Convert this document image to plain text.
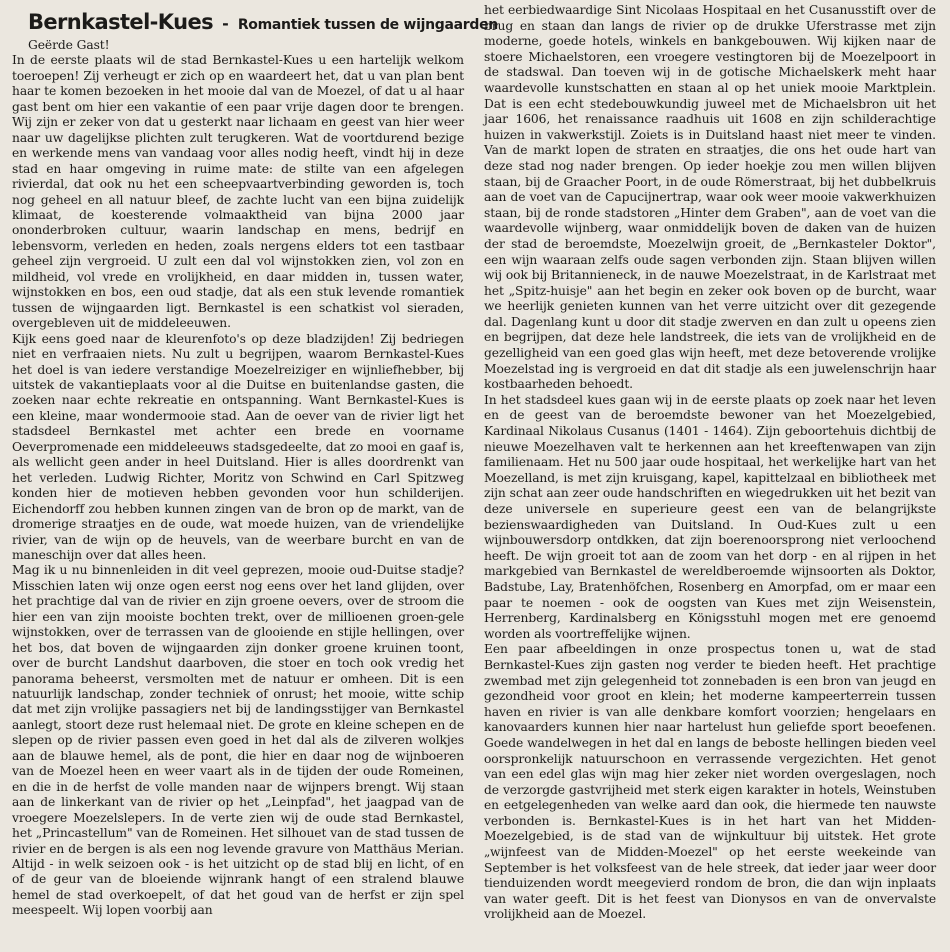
Bernkastel-Kues - Romantiek tussen de wijngaarden

Geërde Gast!

In de eerste plaats wil de stad Bernkastel-Kues u een hartelijk welkom toeroepen! Zij verheugt er zich op en waardeert het, dat u van plan bent haar te komen bezoeken in het mooie dal van de Moezel, of dat u al haar gast bent om hier een vakantie of een paar vrije dagen door te brengen. Wij zijn er zeker von dat u gesterkt naar lichaam en geest van hier weer naar uw dagelijkse plichten zult terugkeren. Wat de voortdurend bezige en werkende mens van vandaag voor alles nodig heeft, vindt hij in deze stad en haar omgeving in ruime mate: de stilte van een afgelegen rivierdal, dat ook nu het een scheepvaartverbinding geworden is, toch nog geheel en all natuur bleef, de zachte lucht van een bijna zuidelijk klimaat, de koesterende volmaaktheid van bijna 2000 jaar ononderbroken cultuur, waarin landschap en mens, bedrijf en lebensvorm, verleden en heden, zoals nergens elders tot een tastbaar geheel zijn vergroeid. U zult een dal vol wijnstokken zien, vol zon en mildheid, vol vrede en vrolijkheid, en daar midden in, tussen water, wijnstokken en bos, een oud stadje, dat als een stuk levende romantiek tussen de wijngaarden ligt. Bernkastel is een schatkist vol sieraden, overgebleven uit de middeleeuwen.

Kijk eens goed naar de kleurenfoto's op deze bladzijden! Zij bedriegen niet en verfraaien niets. Nu zult u begrijpen, waarom Bernkastel-Kues het doel is van iedere verstandige Moezelreiziger en wijnliefhebber, bij uitstek de vakantieplaats voor al die Duitse en buitenlandse gasten, die zoeken naar echte rekreatie en ontspanning. Want Bernkastel-Kues is een kleine, maar wondermooie stad. Aan de oever van de rivier ligt het stadsdeel Bernkastel met achter een brede en voorname Oeverpromenade een middeleeuws stadsgedeelte, dat zo mooi en gaaf is, als wellicht geen ander in heel Duitsland. Hier is alles doordrenkt van het verleden. Ludwig Richter, Moritz von Schwind en Carl Spitzweg konden hier de motieven hebben gevonden voor hun schilderijen. Eichendorff zou hebben kunnen zingen van de bron op de markt, van de dromerige straatjes en de oude, wat moede huizen, van de vriendelijke rivier, van de wijn op de heuvels, van de weerbare burcht en van de maneschijn over dat alles heen.

Mag ik u nu binnenleiden in dit veel geprezen, mooie oud-Duitse stadje? Misschien laten wij onze ogen eerst nog eens over het land glijden, over het prachtige dal van de rivier en zijn groene oevers, over de stroom die hier een van zijn mooiste bochten trekt, over de millioenen groen-gele wijnstokken, over de terrassen van de glooiende en stijle hellingen, over het bos, dat boven de wijngaarden zijn donker groene kruinen toont, over de burcht Landshut daarboven, die stoer en toch ook vredig het panorama beheerst, versmolten met de natuur er omheen. Dit is een natuurlijk landschap, zonder techniek of onrust; het mooie, witte schip dat met zijn vrolijke passagiers net bij de landingsstijger van Bernkastel aanlegt, stoort deze rust helemaal niet. De grote en kleine schepen en de slepen op de rivier passen even goed in het dal als de zilveren wolkjes aan de blauwe hemel, als de pont, die hier en daar nog de wijnboeren van de Moezel heen en weer vaart als in de tijden der oude Romeinen, en die in de herfst de volle manden naar de wijnpers brengt. Wij staan aan de linkerkant van de rivier op het „Leinpfad", het jaagpad van de vroegere Moezelslepers. In de verte zien wij de oude stad Bernkastel, het „Princastellum" van de Romeinen. Het silhouet van de stad tussen de rivier en de bergen is als een nog levende gravure von Matthäus Merian. Altijd - in welk seizoen ook - is het uitzicht op de stad blij en licht, of en of de geur van de bloeiende wijnrank hangt of een stralend blauwe hemel de stad overkoepelt, of dat het goud van de herfst er zijn spel meespeelt. Wij lopen voorbij aan

het eerbiedwaardige Sint Nicolaas Hospitaal en het Cusanusstift over de brug en staan dan langs de rivier op de drukke Uferstrasse met zijn moderne, goede hotels, winkels en bankgebouwen. Wij kijken naar de stoere Michaelstoren, een vroegere vestingtoren bij de Moezelpoort in de stadswal. Dan toeven wij in de gotische Michaelskerk meht haar waardevolle kunstschatten en staan al op het uniek mooie Marktplein. Dat is een echt stedebouwkundig juweel met de Michaelsbron uit het jaar 1606, het renaissance raadhuis uit 1608 en zijn schilderachtige huizen in vakwerkstijl. Zoiets is in Duitsland haast niet meer te vinden. Van de markt lopen de straten en straatjes, die ons het oude hart van deze stad nog nader brengen. Op ieder hoekje zou men willen blijven staan, bij de Graacher Poort, in de oude Römerstraat, bij het dubbelkruis aan de voet van de Capucijnertrap, waar ook weer mooie vakwerkhuizen staan, bij de ronde stadstoren „Hinter dem Graben", aan de voet van die waardevolle wijnberg, waar onmiddelijk boven de daken van de huizen der stad de beroemdste, Moezelwijn groeit, de „Bernkasteler Doktor", een wijn waaraan zelfs oude sagen verbonden zijn. Staan blijven willen wij ook bij Britannieneck, in de nauwe Moezelstraat, in de Karlstraat met het „Spitz-huisje" aan het begin en zeker ook boven op de burcht, waar we heerlijk genieten kunnen van het verre uitzicht over dit gezegende dal. Dagenlang kunt u door dit stadje zwerven en dan zult u opeens zien en begrijpen, dat deze hele landstreek, die iets van de vrolijkheid en de gezelligheid van een goed glas wijn heeft, met deze betoverende vrolijke Moezelstad ing is vergroeid en dat dit stadje als een juwelenschrijn haar kostbaarheden behoedt.

In het stadsdeel kues gaan wij in de eerste plaats op zoek naar het leven en de geest van de beroemdste bewoner van het Moezelgebied, Kardinaal Nikolaus Cusanus (1401 - 1464). Zijn geboortehuis dichtbij de nieuwe Moezelhaven valt te herkennen aan het kreeftenwapen van zijn familienaam. Het nu 500 jaar oude hospitaal, het werkelijke hart van het Moezelland, is met zijn kruisgang, kapel, kapittelzaal en bibliotheek met zijn schat aan zeer oude handschriften en wiegedrukken uit het bezit van deze universele en superieure geest een van de belangrijkste bezienswaardigheden van Duitsland. In Oud-Kues zult u een wijnbouwersdorp ontdkken, dat zijn boerenoorsprong niet verloochend heeft. De wijn groeit tot aan de zoom van het dorp - en al rijpen in het markgebied van Bernkastel de wereldberoemde wijnsoorten als Doktor, Badstube, Lay, Bratenhöfchen, Rosenberg en Amorpfad, om er maar een paar te noemen - ook de oogsten van Kues met zijn Weisenstein, Herrenberg, Kardinalsberg en Königsstuhl mogen met ere genoemd worden als voortreffelijke wijnen.

Een paar afbeeldingen in onze prospectus tonen u, wat de stad Bernkastel-Kues zijn gasten nog verder te bieden heeft. Het prachtige zwembad met zijn gelegenheid tot zonnebaden is een bron van jeugd en gezondheid voor groot en klein; het moderne kampeerterrein tussen haven en rivier is van alle denkbare komfort voorzien; hengelaars en kanovaarders kunnen hier naar hartelust hun geliefde sport beoefenen. Goede wandelwegen in het dal en langs de beboste hellingen bieden veel oorspronkelijk natuurschoon en verrassende vergezichten. Het genot van een edel glas wijn mag hier zeker niet worden overgeslagen, noch de verzorgde gastvrijheid met sterk eigen karakter in hotels, Weinstuben en eetgelegenheden van welke aard dan ook, die hiermede ten nauwste verbonden is. Bernkastel-Kues is in het hart van het Midden-Moezelgebied, is de stad van de wijnkultuur bij uitstek. Het grote „wijnfeest van de Midden-Moezel" op het eerste weekeinde van September is het volksfeest van de hele streek, dat ieder jaar weer door tienduizenden wordt meegevierd rondom de bron, die dan wijn inplaats van water geeft. Dit is het feest van Dionysos en van de onvervalste vrolijkheid aan de Moezel.
